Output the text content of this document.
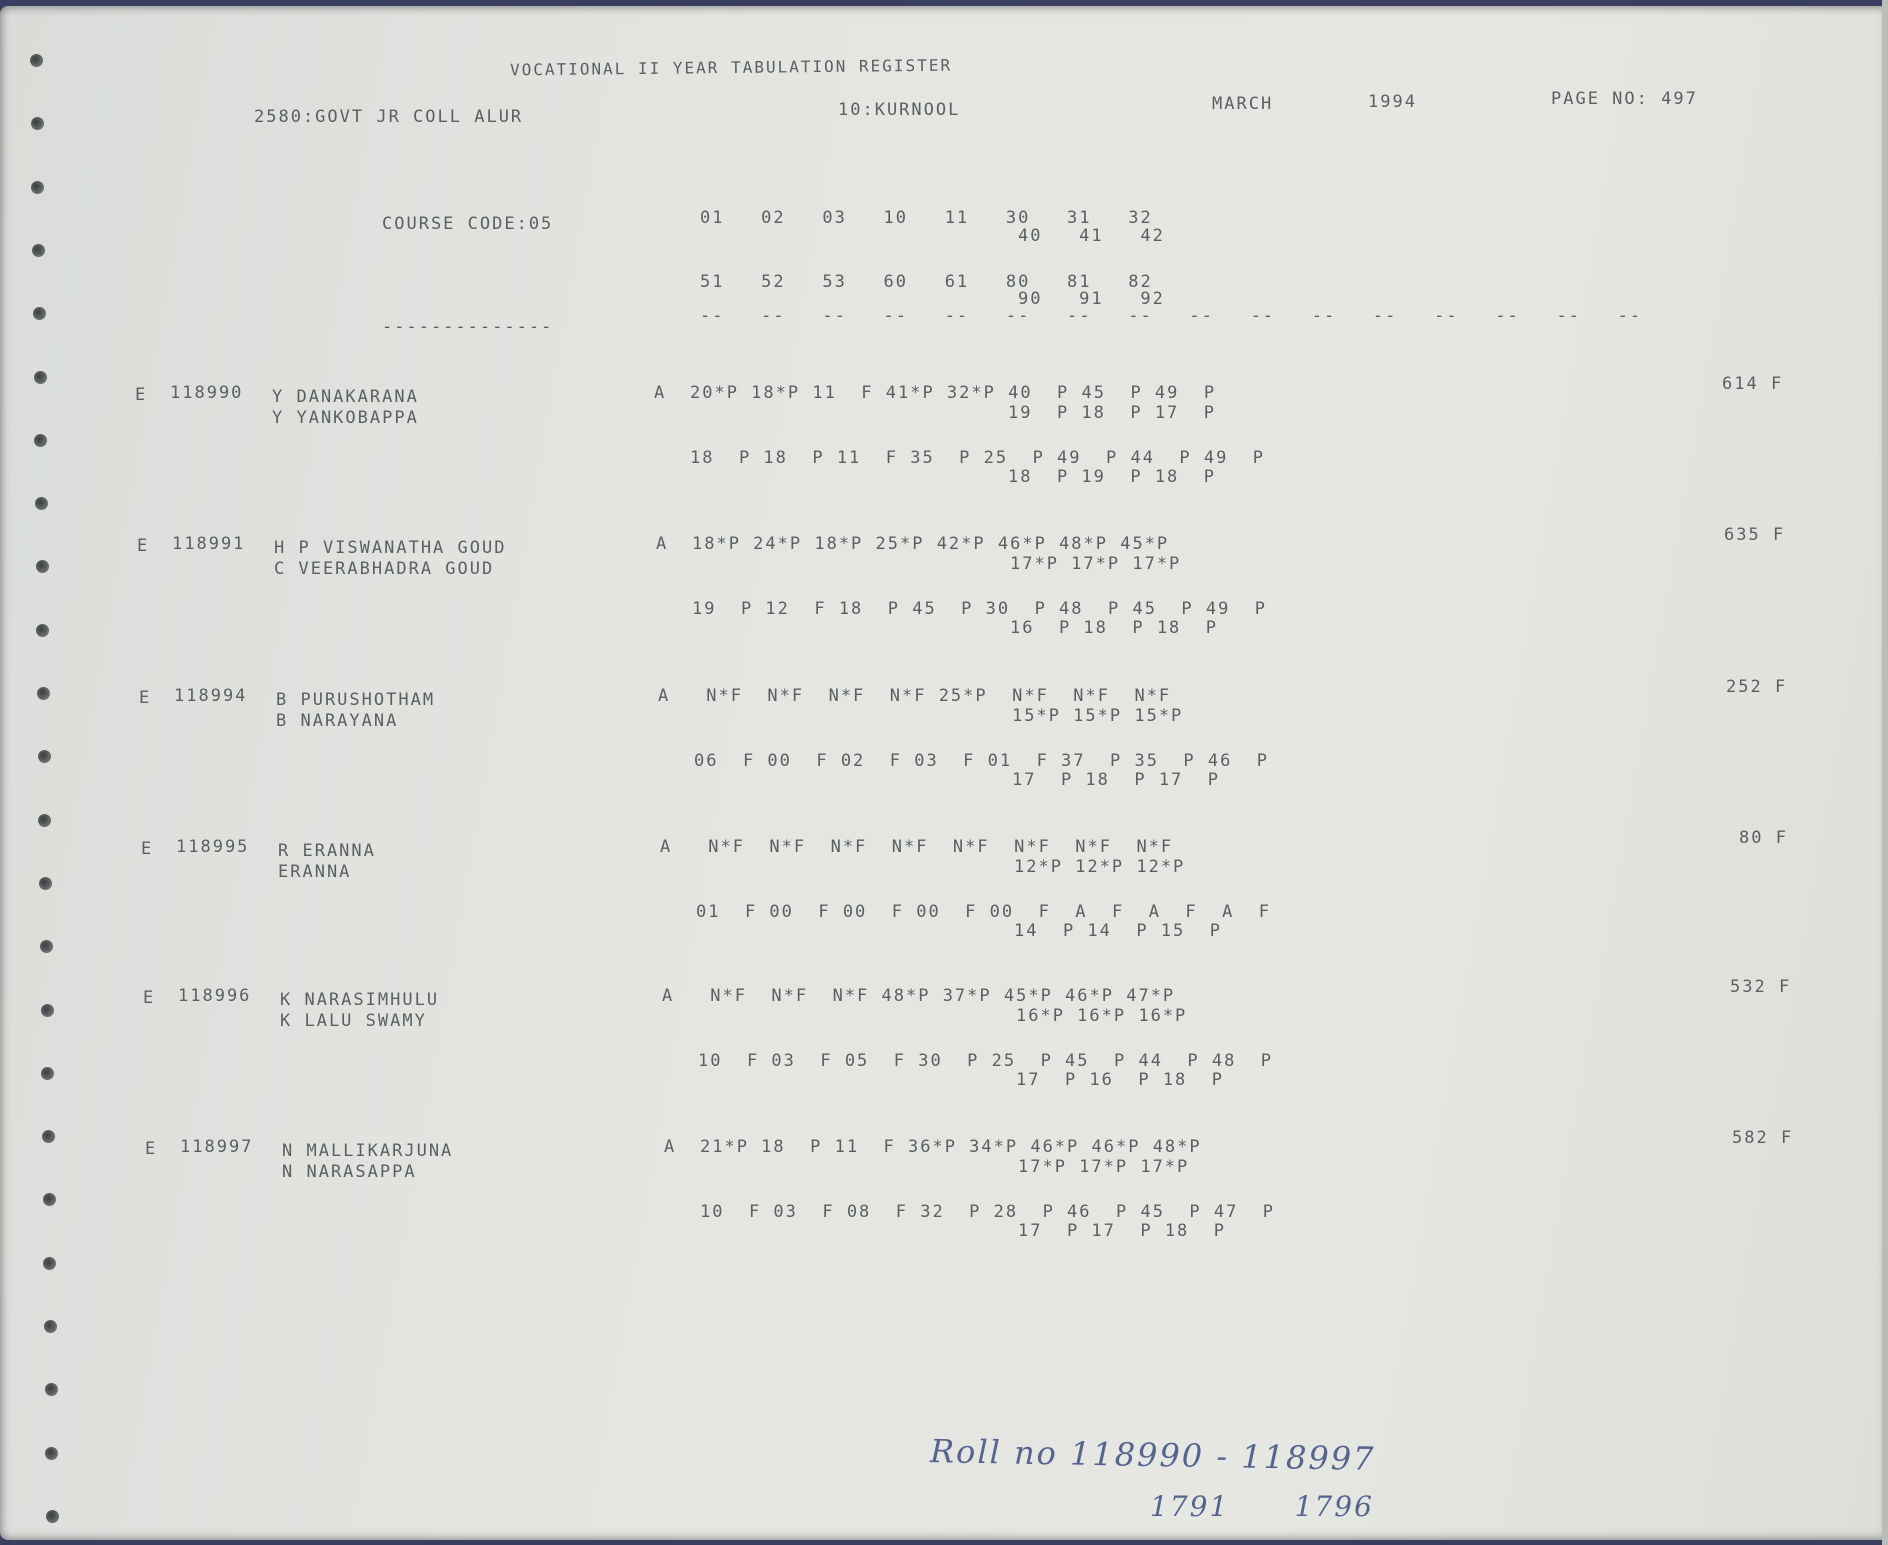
VOCATIONAL II YEAR TABULATION REGISTER
2580:GOVT JR COLL ALUR	10:KURNOOL	MARCH	1994	PAGE NO: 497
COURSE CODE:05	01   02   03   10   11   30   31   32
40   41   42
51   52   53   60   61   80   81   82
90   91   92
--------------
--   --   --   --   --   --   --   --   --   --   --   --   --   --   --   --
E 118990 Y DANAKARANA
Y YANKOBAPPA
A 20*P 18*P 11  F 41*P 32*P 40  P 45  P 49  P
19  P 18  P 17  P
18  P 18  P 11  F 35  P 25  P 49  P 44  P 49  P
18  P 19  P 18  P
614 F
E 118991 H P VISWANATHA GOUD
C VEERABHADRA GOUD
A 18*P 24*P 18*P 25*P 42*P 46*P 48*P 45*P
17*P 17*P 17*P
19  P 12  F 18  P 45  P 30  P 48  P 45  P 49  P
16  P 18  P 18  P
635 F
E 118994 B PURUSHOTHAM
B NARAYANA
A N*F  N*F  N*F  N*F 25*P  N*F  N*F  N*F
15*P 15*P 15*P
06  F 00  F 02  F 03  F 01  F 37  P 35  P 46  P
17  P 18  P 17  P
252 F
E 118995 R ERANNA
ERANNA
A N*F  N*F  N*F  N*F  N*F  N*F  N*F  N*F
12*P 12*P 12*P
01  F 00  F 00  F 00  F 00  F  A  F  A  F  A  F
14  P 14  P 15  P
80 F
E 118996 K NARASIMHULU
K LALU SWAMY
A N*F  N*F  N*F 48*P 37*P 45*P 46*P 47*P
16*P 16*P 16*P
10  F 03  F 05  F 30  P 25  P 45  P 44  P 48  P
17  P 16  P 18  P
532 F
E 118997 N MALLIKARJUNA
N NARASAPPA
A 21*P 18  P 11  F 36*P 34*P 46*P 46*P 48*P
17*P 17*P 17*P
10  F 03  F 08  F 32  P 28  P 46  P 45  P 47  P
17  P 17  P 18  P
582 F
Roll no 118990 - 118997
1791      1796
